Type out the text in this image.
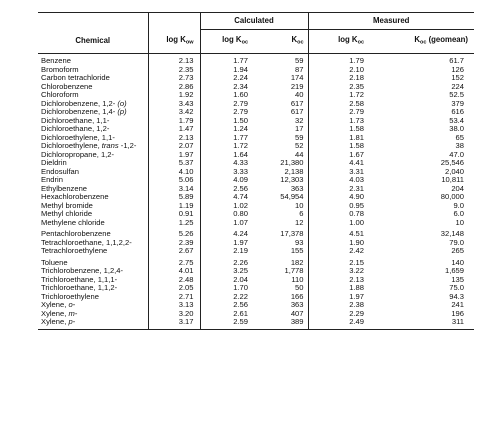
		Calculated		Measured	
Chemical	$\log K_{ow}$	$\log K_{oc}$	$K_{oc}$	$\log K_{oc}$	$K_{oc}$ (geomean)
Benzene	2.13	1.77	59	1.79	61.7
Bromoform	2.35	1.94	87	2.10	126
Carbon tetrachloride	2.73	2.24	174	2.18	152
Chlorobenzene	2.86	2.34	219	2.35	224
Chloroform	1.92	1.60	40	1.72	52.5
Dichlorobenzene, 1,2- (o)	3.43	2.79	617	2.58	379
Dichlorobenzene, 1,4- (p)	3.42	2.79	617	2.79	616
Dichloroethane, 1,1-	1.79	1.50	32	1.73	53.4
Dichloroethane, 1,2-	1.47	1.24	17	1.58	38.0
Dichloroethylene, 1,1-	2.13	1.77	59	1.81	65
Dichloroethylene, trans -1,2-	2.07	1.72	52	1.58	38
Dichloropropane, 1,2-	1.97	1.64	44	1.67	47.0
Dieldrin	5.37	4.33	21,380	4.41	25,546
Endosulfan	4.10	3.33	2,138	3.31	2,040
Endrin	5.06	4.09	12,303	4.03	10,811
Ethylbenzene	3.14	2.56	363	2.31	204
Hexachlorobenzene	5.89	4.74	54,954	4.90	80,000
Methyl bromide	1.19	1.02	10	0.95	9.0
Methyl chloride	0.91	0.80	6	0.78	6.0
Methylene chloride	1.25	1.07	12	1.00	10
Pentachlorobenzene	5.26	4.24	17,378	4.51	32,148
Tetrachloroethane, 1,1,2,2-	2.39	1.97	93	1.90	79.0
Tetrachloroethylene	2.67	2.19	155	2.42	265
Toluene	2.75	2.26	182	2.15	140
Trichlorobenzene, 1,2,4-	4.01	3.25	1,778	3.22	1,659
Trichloroethane, 1,1,1-	2.48	2.04	110	2.13	135
Trichloroethane, 1,1,2-	2.05	1.70	50	1.88	75.0
Trichloroethylene	2.71	2.22	166	1.97	94.3
Xylene, o-	3.13	2.56	363	2.38	241
Xylene, m-	3.20	2.61	407	2.29	196
Xylene, p-	3.17	2.59	389	2.49	311
